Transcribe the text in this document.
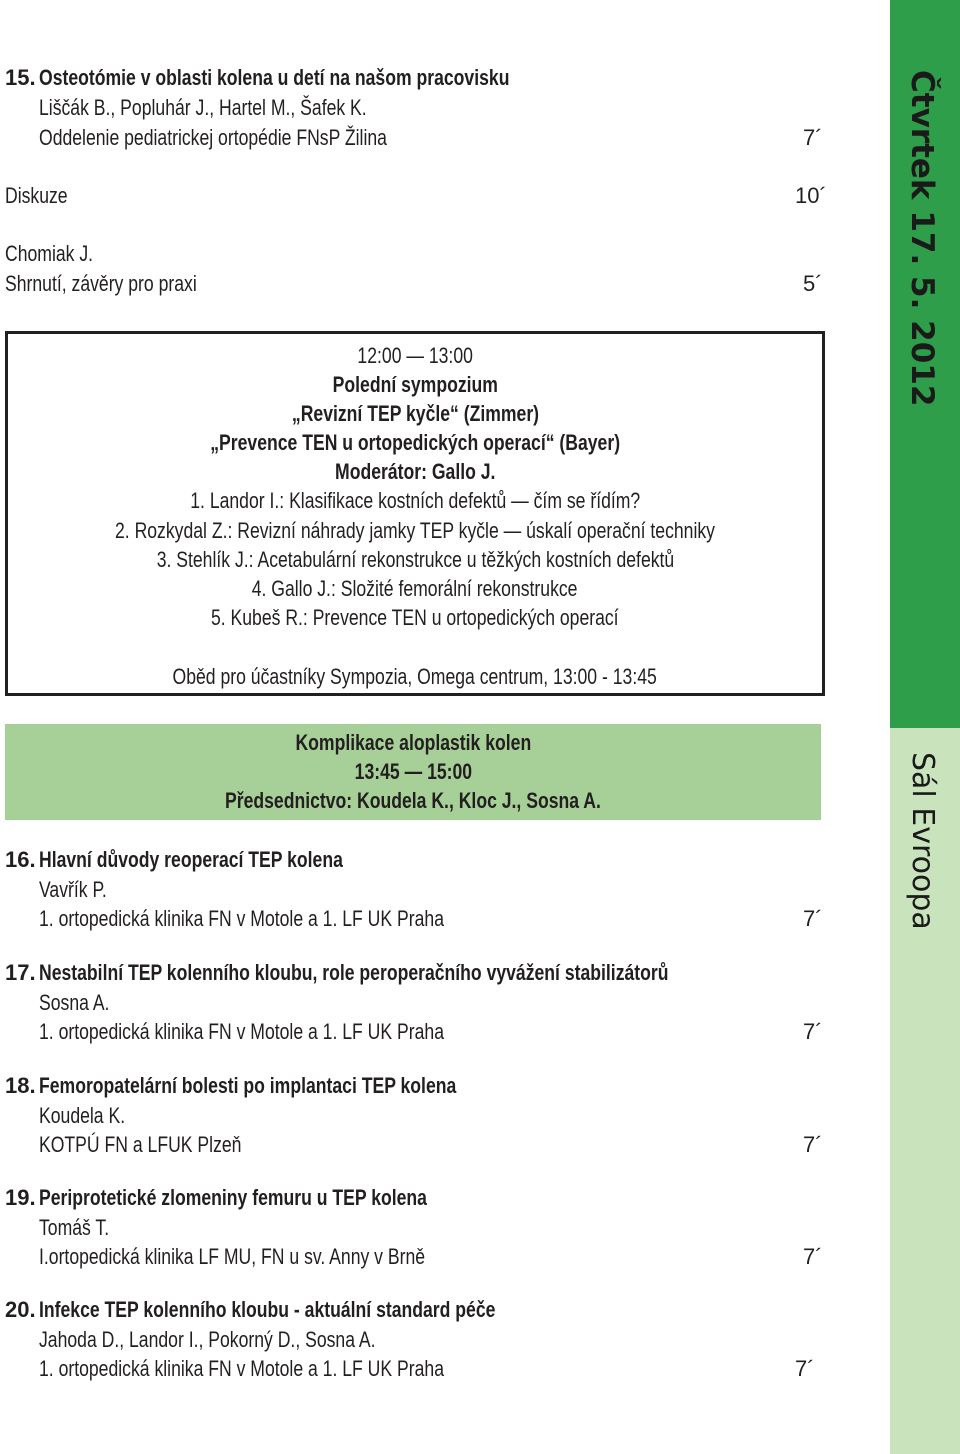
Čtvrtek 17. 5. 2012
Sál Evroopa
15. Osteotómie v oblasti kolena u detí na našom pracovisku
Liščák B., Popluhár J., Hartel M., Šafek K.
Oddelenie pediatrickej ortopédie FNsP Žilina	7´
Diskuze	10´
Chomiak J.
Shrnutí, závěry pro praxi	5´
12:00 — 13:00
Polední sympozium
„Revizní TEP kyčle“ (Zimmer)
„Prevence TEN u ortopedických operací“ (Bayer)
Moderátor: Gallo J.
1. Landor I.: Klasifikace kostních defektů — čím se řídím?
2. Rozkydal Z.: Revizní náhrady jamky TEP kyčle — úskalí operační techniky
3. Stehlík J.: Acetabulární rekonstrukce u těžkých kostních defektů
4. Gallo J.: Složité femorální rekonstrukce
5. Kubeš R.: Prevence TEN u ortopedických operací
Oběd pro účastníky Sympozia, Omega centrum, 13:00 - 13:45
Komplikace aloplastik kolen
13:45 — 15:00
Předsednictvo: Koudela K., Kloc J., Sosna A.
16. Hlavní důvody reoperací TEP kolena
Vavřík P.
1. ortopedická klinika FN v Motole a 1. LF UK Praha	7´
17. Nestabilní TEP kolenního kloubu, role peroperačního vyvážení stabilizátorů
Sosna A.
1. ortopedická klinika FN v Motole a 1. LF UK Praha	7´
18. Femoropatelární bolesti po implantaci TEP kolena
Koudela K.
KOTPÚ FN a LFUK Plzeň	7´
19. Periprotetické zlomeniny femuru u TEP kolena
Tomáš T.
I.ortopedická klinika LF MU, FN u sv. Anny v Brně	7´
20. Infekce TEP kolenního kloubu - aktuální standard péče
Jahoda D., Landor I., Pokorný D., Sosna A.
1. ortopedická klinika FN v Motole a 1. LF UK Praha	7´
